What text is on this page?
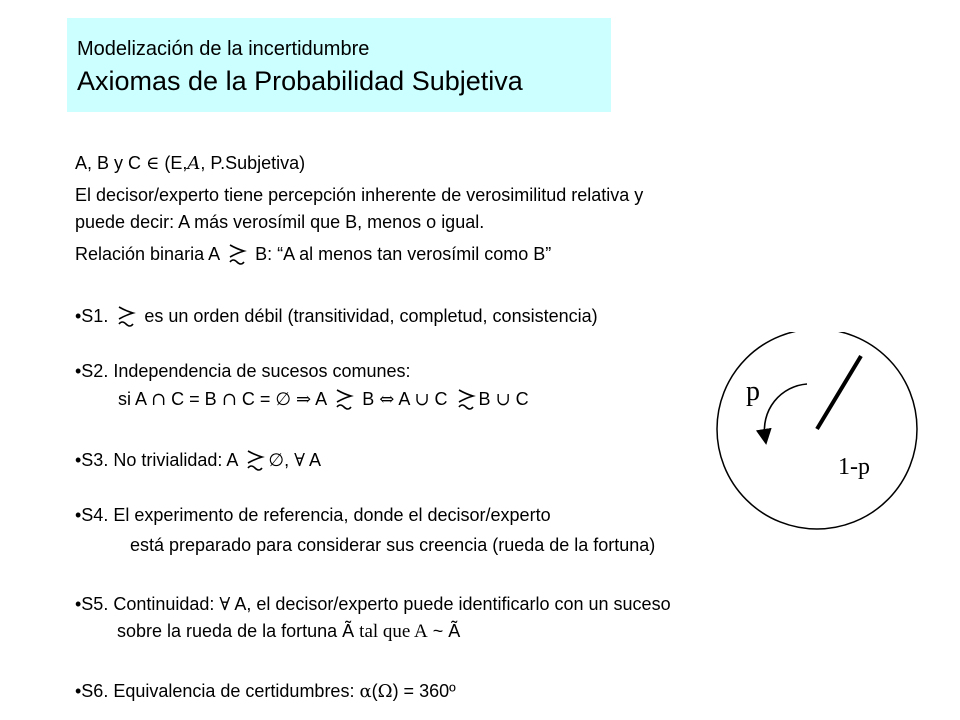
Modelización de la incertidumbre
Axiomas de la Probabilidad Subjetiva
A, B y C ∈ (E,A, P.Subjetiva)
El decisor/experto tiene percepción inherente de verosimilitud relativa y
puede decir: A más verosímil que B, menos o igual.
Relación binaria A B: “A al menos tan verosímil como B”
•S1. es un orden débil (transitividad, completud, consistencia)
•S2. Independencia de sucesos comunes:
si A ∩ C = B ∩ C = ∅ ⇒ A B ⇔ A ∪ C B ∪ C
•S3. No trivialidad: A ∅, ∀ A
•S4. El experimento de referencia, donde el decisor/experto
está preparado para considerar sus creencia (rueda de la fortuna)
•S5. Continuidad: ∀ A, el decisor/experto puede identificarlo con un suceso
sobre la rueda de la fortuna Ã tal que A ~ Ã
•S6. Equivalencia de certidumbres: α(Ω) = 360º
p
1-p
